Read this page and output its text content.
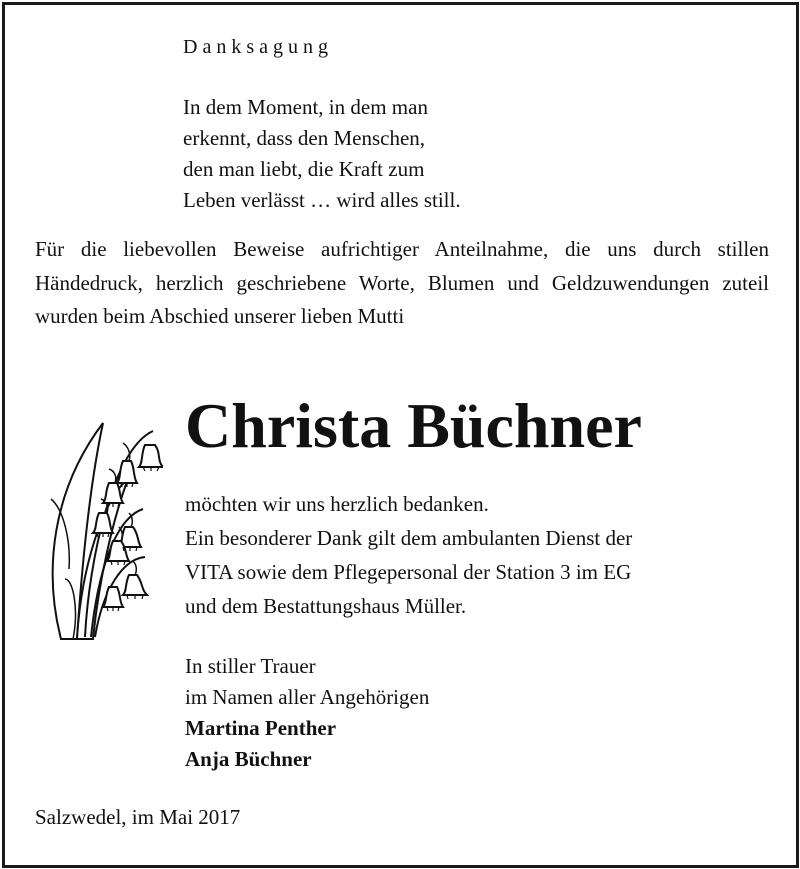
Danksagung
In dem Moment, in dem man
erkennt, dass den Menschen,
den man liebt, die Kraft zum
Leben verlässt … wird alles still.

Für die liebevollen Beweise aufrichtiger Anteilnahme, die uns durch stillen Händedruck, herzlich geschriebene Worte, Blumen und Geldzuwendungen zuteil wurden beim Abschied unserer lieben Mutti

Christa Büchner
möchten wir uns herzlich bedanken.
Ein besonderer Dank gilt dem ambulanten Dienst der
VITA sowie dem Pflegepersonal der Station 3 im EG
und dem Bestattungshaus Müller.
In stiller Trauer
im Namen aller Angehörigen
Martina Penther
Anja Büchner

Salzwedel, im Mai 2017
